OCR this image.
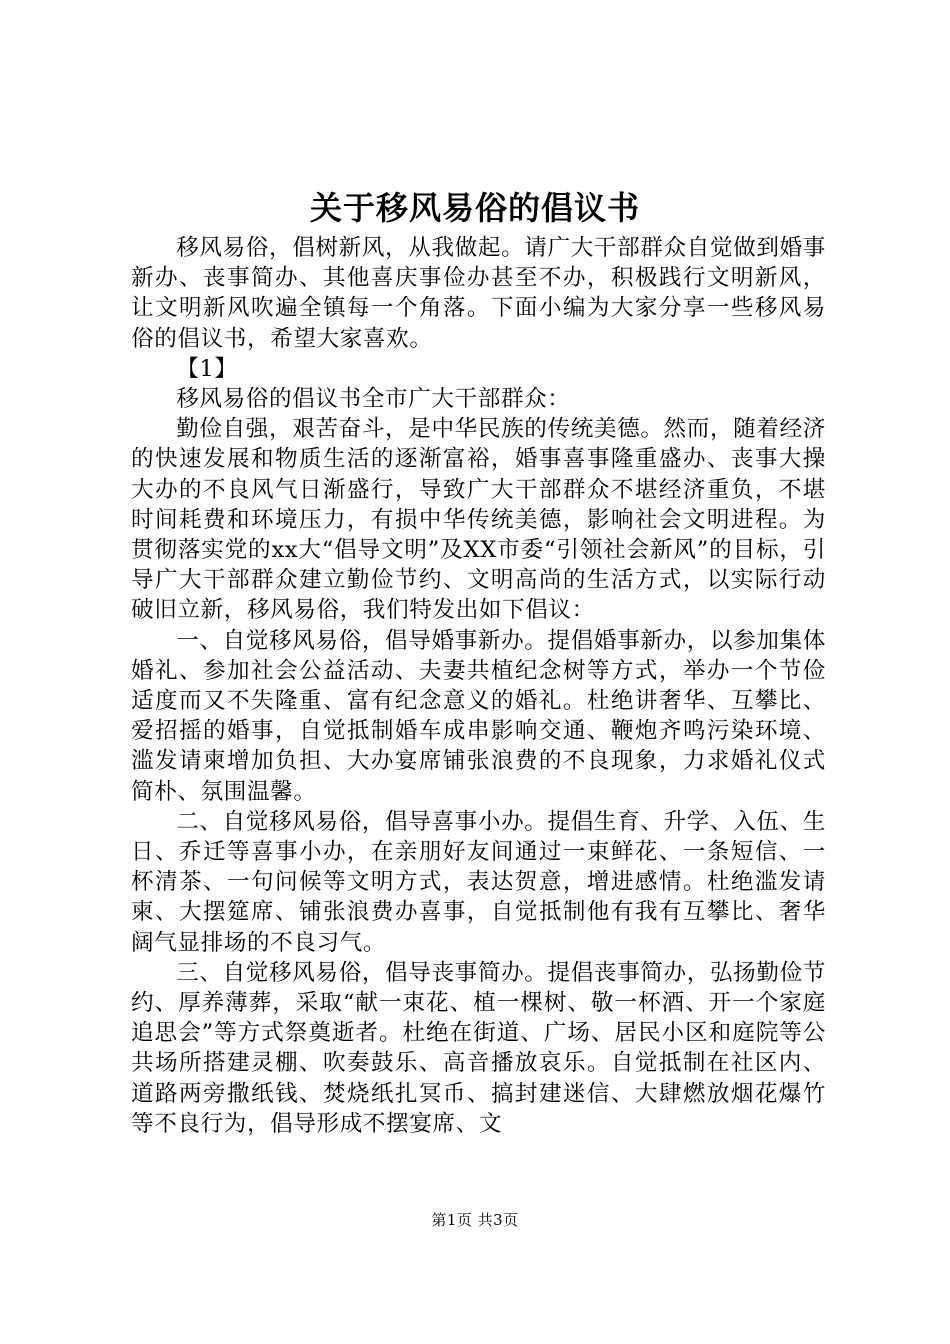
关于移风易俗的倡议书

移风易俗，倡树新风，从我做起。请广大干部群众自觉做到婚事新办、丧事简办、其他喜庆事俭办甚至不办，积极践行文明新风，让文明新风吹遍全镇每一个角落。下面小编为大家分享一些移风易俗的倡议书，希望大家喜欢。

【1】

移风易俗的倡议书全市广大干部群众：

勤俭自强，艰苦奋斗，是中华民族的传统美德。然而，随着经济的快速发展和物质生活的逐渐富裕，婚事喜事隆重盛办、丧事大操大办的不良风气日渐盛行，导致广大干部群众不堪经济重负，不堪时间耗费和环境压力，有损中华传统美德，影响社会文明进程。为贯彻落实党的xx大“倡导文明”及XX市委“引领社会新风”的目标，引导广大干部群众建立勤俭节约、文明高尚的生活方式，以实际行动破旧立新，移风易俗，我们特发出如下倡议：

一、自觉移风易俗，倡导婚事新办。提倡婚事新办，以参加集体婚礼、参加社会公益活动、夫妻共植纪念树等方式，举办一个节俭适度而又不失隆重、富有纪念意义的婚礼。杜绝讲奢华、互攀比、爱招摇的婚事，自觉抵制婚车成串影响交通、鞭炮齐鸣污染环境、滥发请柬增加负担、大办宴席铺张浪费的不良现象，力求婚礼仪式简朴、氛围温馨。

二、自觉移风易俗，倡导喜事小办。提倡生育、升学、入伍、生日、乔迁等喜事小办，在亲朋好友间通过一束鲜花、一条短信、一杯清茶、一句问候等文明方式，表达贺意，增进感情。杜绝滥发请柬、大摆筵席、铺张浪费办喜事，自觉抵制他有我有互攀比、奢华阔气显排场的不良习气。

三、自觉移风易俗，倡导丧事简办。提倡丧事简办，弘扬勤俭节约、厚养薄葬，采取“献一束花、植一棵树、敬一杯酒、开一个家庭追思会”等方式祭奠逝者。杜绝在街道、广场、居民小区和庭院等公共场所搭建灵棚、吹奏鼓乐、高音播放哀乐。自觉抵制在社区内、道路两旁撒纸钱、焚烧纸扎冥币、搞封建迷信、大肆燃放烟花爆竹等不良行为，倡导形成不摆宴席、文

第1页 共3页
